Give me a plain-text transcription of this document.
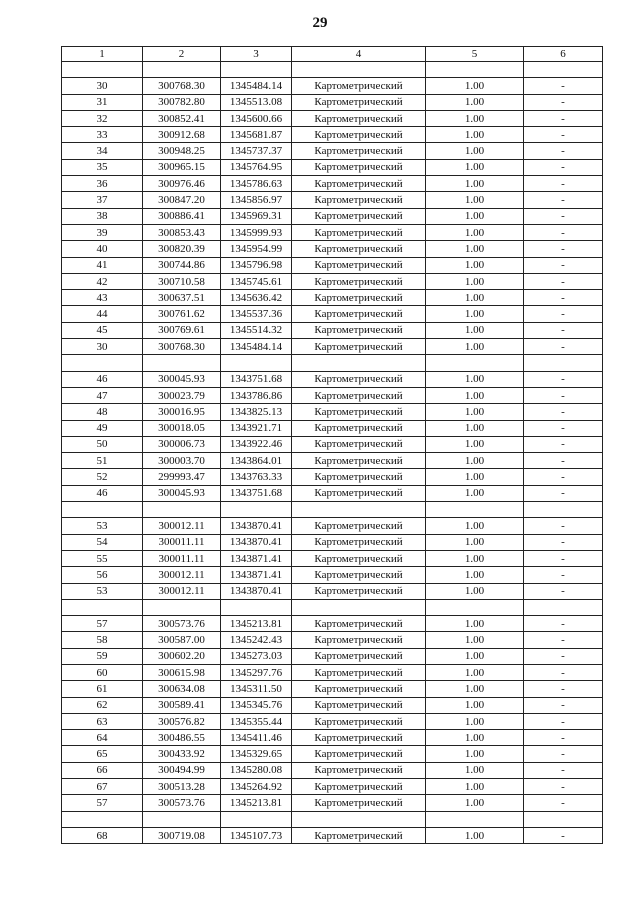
29
1	2	3	4	5	6

30	300768.30	1345484.14	Картометрический	1.00	-
31	300782.80	1345513.08	Картометрический	1.00	-
32	300852.41	1345600.66	Картометрический	1.00	-
33	300912.68	1345681.87	Картометрический	1.00	-
34	300948.25	1345737.37	Картометрический	1.00	-
35	300965.15	1345764.95	Картометрический	1.00	-
36	300976.46	1345786.63	Картометрический	1.00	-
37	300847.20	1345856.97	Картометрический	1.00	-
38	300886.41	1345969.31	Картометрический	1.00	-
39	300853.43	1345999.93	Картометрический	1.00	-
40	300820.39	1345954.99	Картометрический	1.00	-
41	300744.86	1345796.98	Картометрический	1.00	-
42	300710.58	1345745.61	Картометрический	1.00	-
43	300637.51	1345636.42	Картометрический	1.00	-
44	300761.62	1345537.36	Картометрический	1.00	-
45	300769.61	1345514.32	Картометрический	1.00	-
30	300768.30	1345484.14	Картометрический	1.00	-

46	300045.93	1343751.68	Картометрический	1.00	-
47	300023.79	1343786.86	Картометрический	1.00	-
48	300016.95	1343825.13	Картометрический	1.00	-
49	300018.05	1343921.71	Картометрический	1.00	-
50	300006.73	1343922.46	Картометрический	1.00	-
51	300003.70	1343864.01	Картометрический	1.00	-
52	299993.47	1343763.33	Картометрический	1.00	-
46	300045.93	1343751.68	Картометрический	1.00	-

53	300012.11	1343870.41	Картометрический	1.00	-
54	300011.11	1343870.41	Картометрический	1.00	-
55	300011.11	1343871.41	Картометрический	1.00	-
56	300012.11	1343871.41	Картометрический	1.00	-
53	300012.11	1343870.41	Картометрический	1.00	-

57	300573.76	1345213.81	Картометрический	1.00	-
58	300587.00	1345242.43	Картометрический	1.00	-
59	300602.20	1345273.03	Картометрический	1.00	-
60	300615.98	1345297.76	Картометрический	1.00	-
61	300634.08	1345311.50	Картометрический	1.00	-
62	300589.41	1345345.76	Картометрический	1.00	-
63	300576.82	1345355.44	Картометрический	1.00	-
64	300486.55	1345411.46	Картометрический	1.00	-
65	300433.92	1345329.65	Картометрический	1.00	-
66	300494.99	1345280.08	Картометрический	1.00	-
67	300513.28	1345264.92	Картометрический	1.00	-
57	300573.76	1345213.81	Картометрический	1.00	-

68	300719.08	1345107.73	Картометрический	1.00	-
